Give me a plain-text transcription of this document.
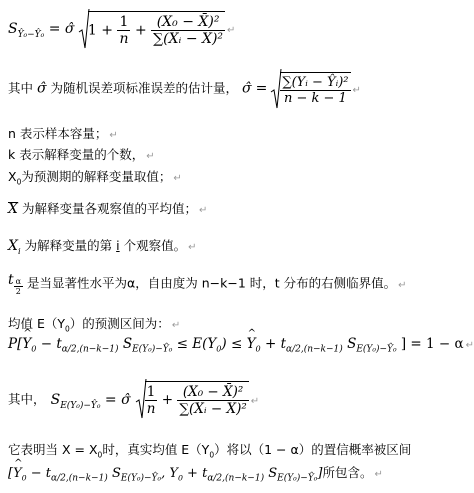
$S_{Ŷ_0-Ŷ_0}$ = σ̂ $1 + \frac{1}{n} + \frac{\text{(X₀ − X̄)²}}{\text{∑(Xᵢ − X̄)²}}$ ↵
其中 σ̂ 为随机误差项标准误差的估计量， σ̂ = $\frac{\text{∑(Yᵢ − Ŷᵢ)²}}{n - k - 1}$ ↵
n 表示样本容量； ↵
k 表示解释变量的个数， ↵
$X_0$为预测期的解释变量取值； ↵
X 为解释变量各观察值的平均值； ↵
$X_i$ 为解释变量的第 i 个观察值。 ↵
t $\frac{\alpha}{2}$ 是当显著性水平为α，自由度为 n−k−1 时，t 分布的右侧临界值。 ↵
均值 $E(Y_0)$的预测区间为： ↵
P[^ $Y_0 - t_{\alpha/2,(n-k-1)}$ $S_{E(Y_0)-Ŷ_0} \le E(Y_0)$ ≤ ^ $Y_0 + t_{\alpha/2,(n-k-1)}$ $S_{E(Y_0)-Ŷ_0}$ ] = 1 − α ↵
其中， $S_{E(Y_0)-Ŷ_0}$ = σ̂ $\frac{1}{n} + \frac{\text{(X₀ − X̄)²}}{\text{∑(Xᵢ − X̄)²}}$ ↵
它表明当 $X = X_0$时，真实均值 $E(Y_0)$将以（1 − α）的置信概率被区间
[^ $Y_0 - t_{\alpha/2,(n-k-1)}$ $S_{E(Y_0)-Ŷ_0}$, $Y_0 + t_{\alpha/2,(n-k-1)}$ $S_{E(Y_0)-Ŷ_0}$]所包含。 ↵
